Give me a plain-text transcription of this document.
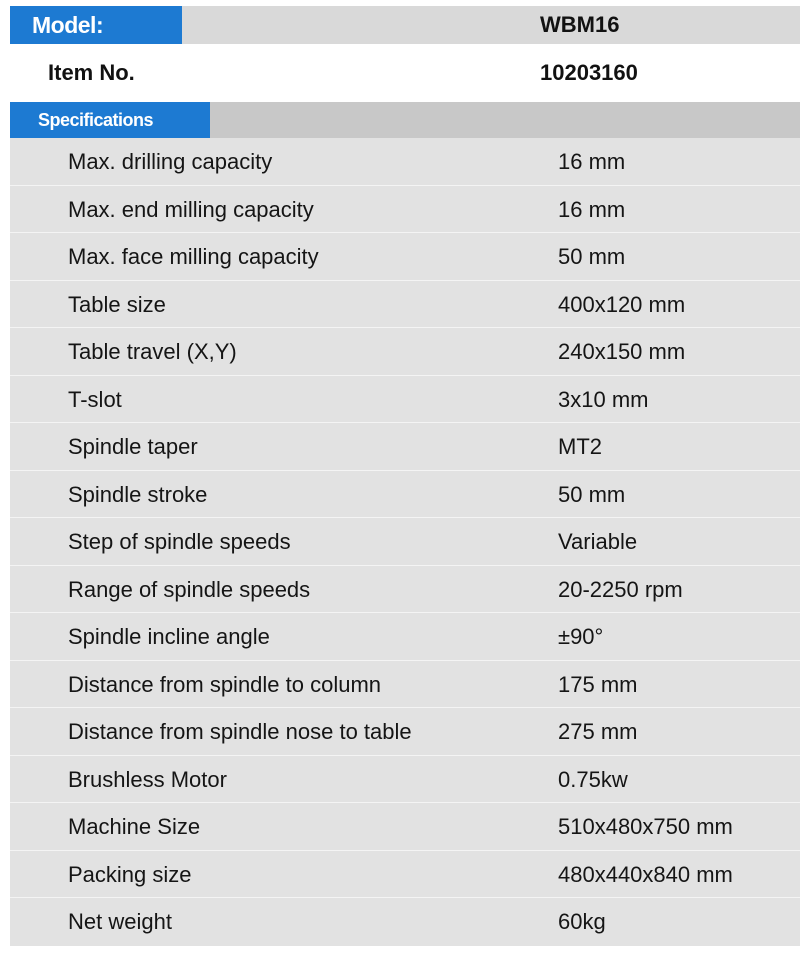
Model:	WBM16
Item No.	10203160
Specifications
Max. drilling capacity	16 mm
Max. end milling capacity	16 mm
Max. face milling capacity	50 mm
Table size	400x120 mm
Table travel (X,Y)	240x150 mm
T-slot	3x10 mm
Spindle taper	MT2
Spindle stroke	50 mm
Step of spindle speeds	Variable
Range of spindle speeds	20-2250 rpm
Spindle incline angle	±90°
Distance from spindle to column	175 mm
Distance from spindle nose to table	275 mm
Brushless Motor	0.75kw
Machine Size	510x480x750 mm
Packing size	480x440x840 mm
Net weight	60kg
